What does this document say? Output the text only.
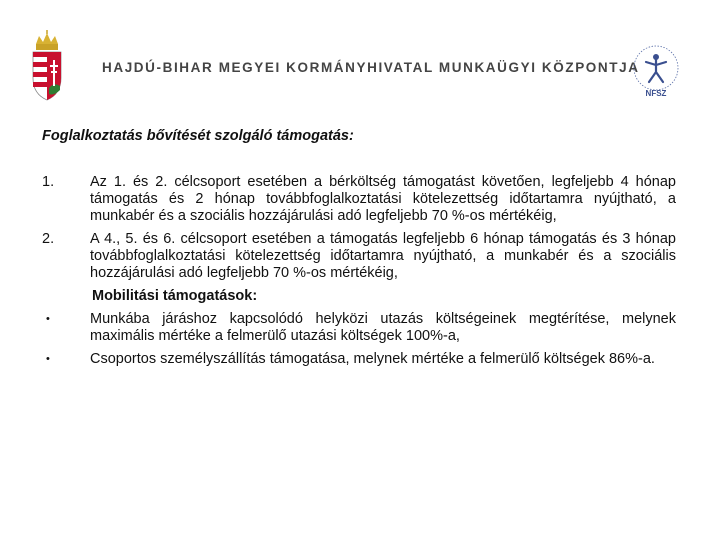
HAJDÚ-BIHAR MEGYEI KORMÁNYHIVATAL MUNKAÜGYI KÖZPONTJA
NFSZ
Foglalkoztatás bővítését szolgáló támogatás:
1. Az 1. és 2. célcsoport esetében a bérköltség támogatást követően, legfeljebb 4 hónap támogatás és 2 hónap továbbfoglalkoztatási kötelezettség időtartamra nyújtható, a munkabér és a szociális hozzájárulási adó legfeljebb 70 %-os mértékéig,
2. A 4., 5. és 6. célcsoport esetében a támogatás legfeljebb 6 hónap támogatás és 3 hónap továbbfoglalkoztatási kötelezettség időtartamra nyújtható, a munkabér és a szociális hozzájárulási adó legfeljebb 70 %-os mértékéig,
Mobilitási támogatások:
•	Munkába járáshoz kapcsolódó helyközi utazás költségeinek megtérítése, melynek maximális mértéke a felmerülő utazási költségek 100%-a,
•	Csoportos személyszállítás támogatása, melynek mértéke a felmerülő költségek 86%-a.
